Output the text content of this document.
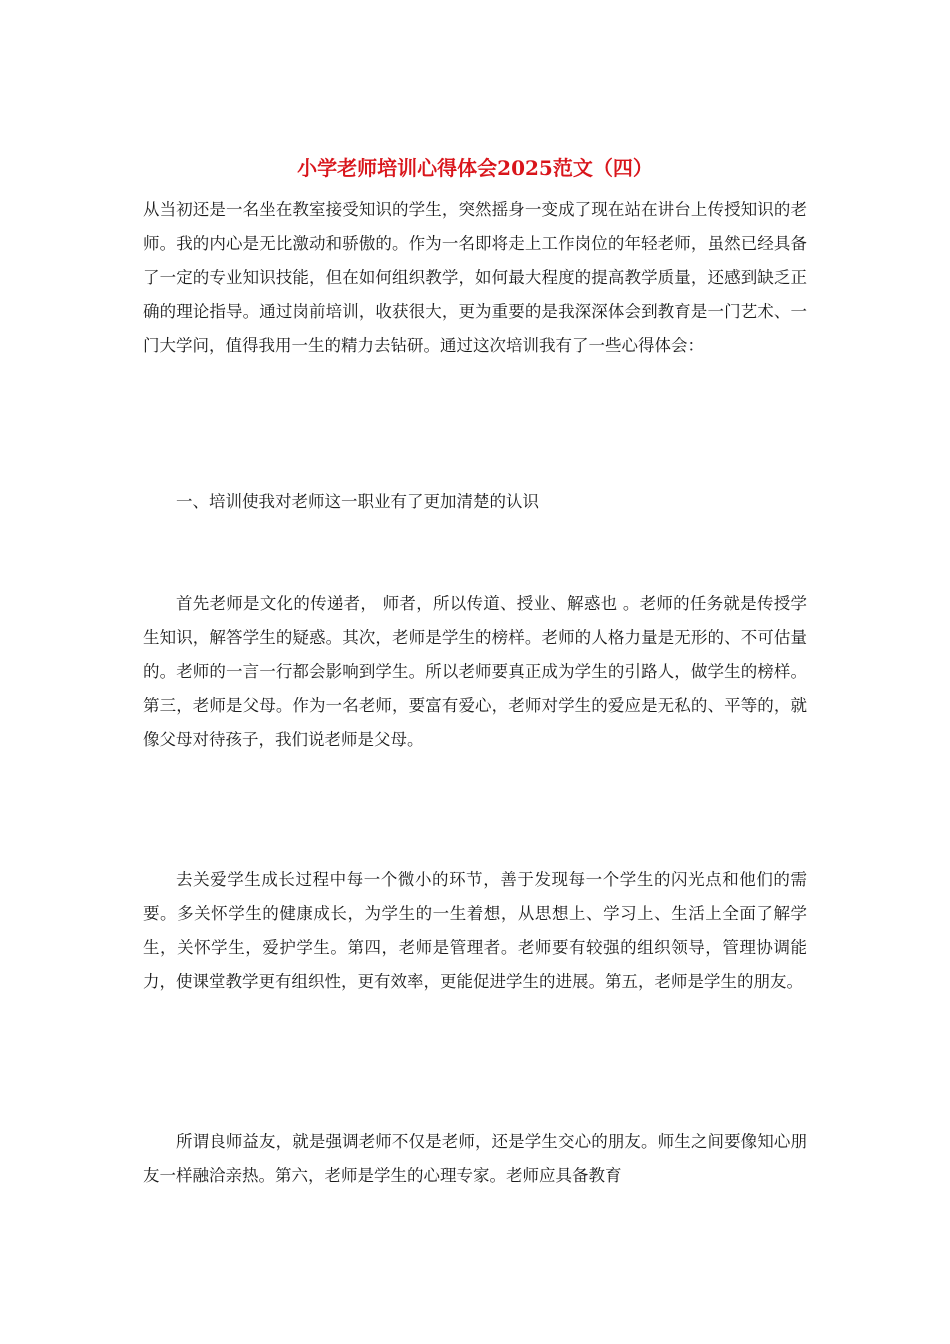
小学老师培训心得体会2025范文（四）

从当初还是一名坐在教室接受知识的学生，突然摇身一变成了现在站在讲台上传授知识的老师。我的内心是无比激动和骄傲的。作为一名即将走上工作岗位的年轻老师，虽然已经具备了一定的专业知识技能，但在如何组织教学，如何最大程度的提高教学质量，还感到缺乏正确的理论指导。通过岗前培训，收获很大，更为重要的是我深深体会到教育是一门艺术、一门大学问，值得我用一生的精力去钻研。通过这次培训我有了一些心得体会：

一、培训使我对老师这一职业有了更加清楚的认识

首先老师是文化的传递者， 师者，所以传道、授业、解惑也 。老师的任务就是传授学生知识，解答学生的疑惑。其次，老师是学生的榜样。老师的人格力量是无形的、不可估量的。老师的一言一行都会影响到学生。所以老师要真正成为学生的引路人，做学生的榜样。第三，老师是父母。作为一名老师，要富有爱心，老师对学生的爱应是无私的、平等的，就像父母对待孩子，我们说老师是父母。

去关爱学生成长过程中每一个微小的环节，善于发现每一个学生的闪光点和他们的需要。多关怀学生的健康成长，为学生的一生着想，从思想上、学习上、生活上全面了解学生，关怀学生，爱护学生。第四，老师是管理者。老师要有较强的组织领导，管理协调能力，使课堂教学更有组织性，更有效率，更能促进学生的进展。第五，老师是学生的朋友。

所谓良师益友，就是强调老师不仅是老师，还是学生交心的朋友。师生之间要像知心朋友一样融洽亲热。第六，老师是学生的心理专家。老师应具备教育
